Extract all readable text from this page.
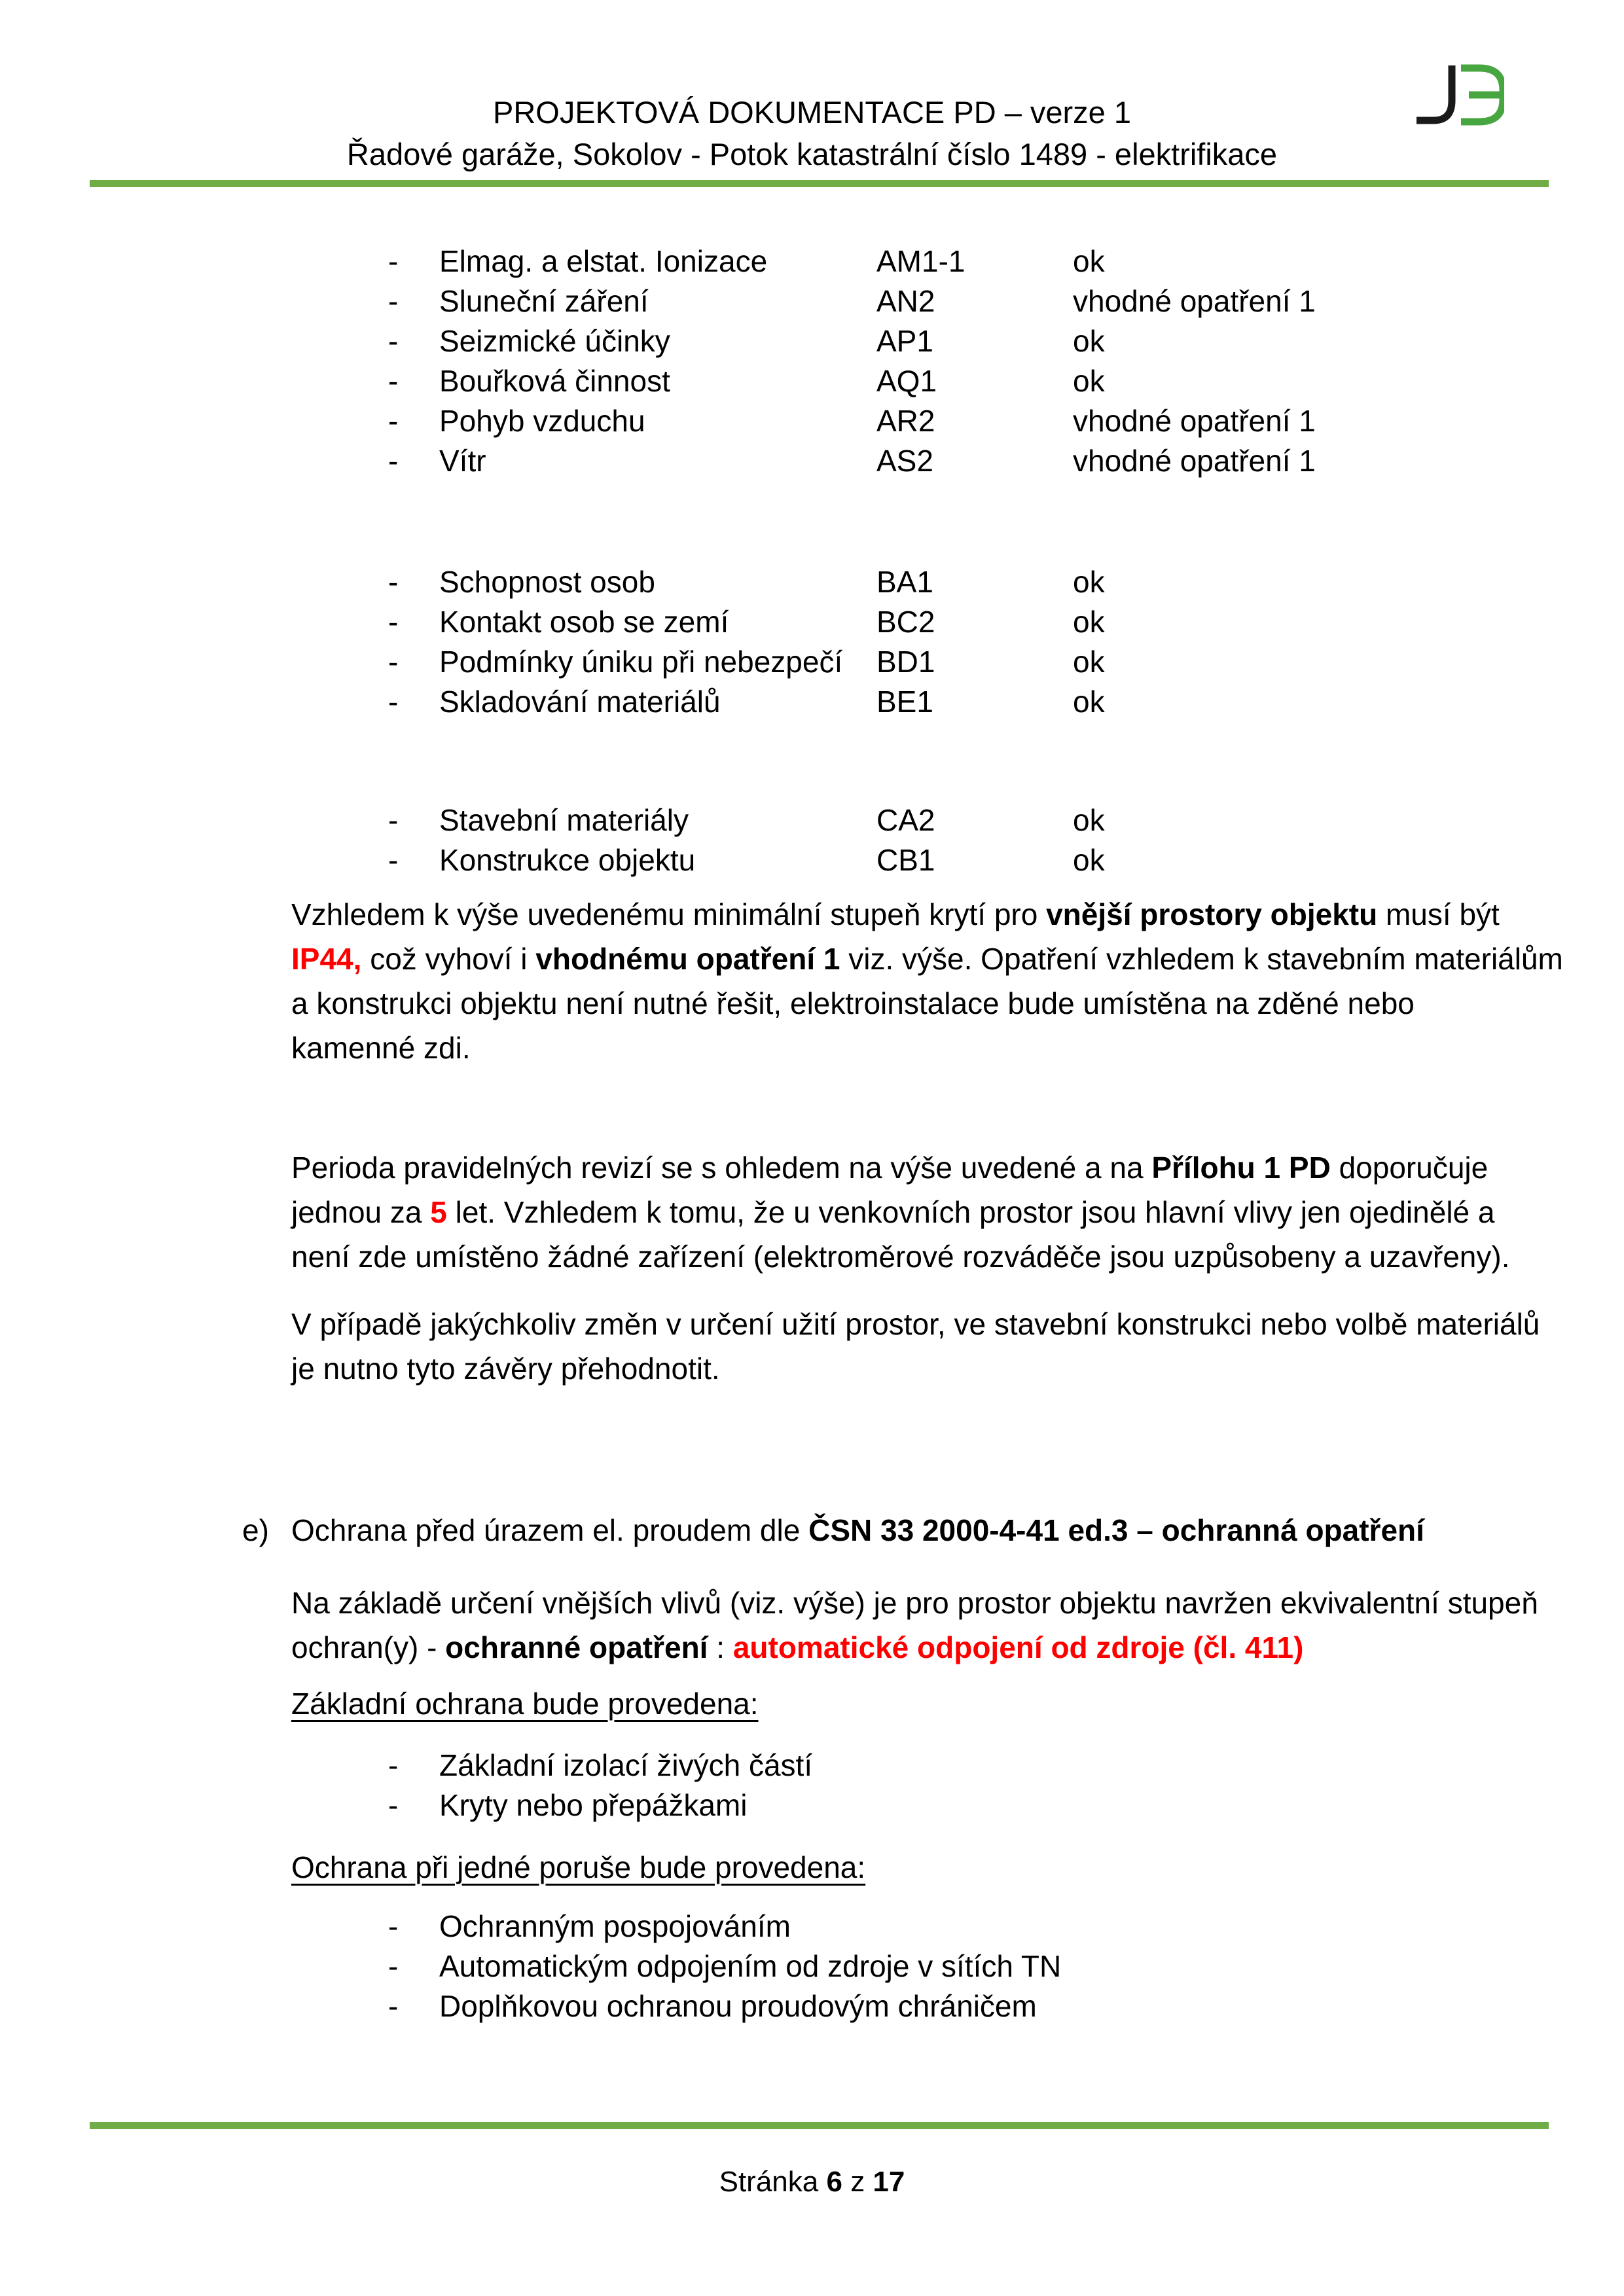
PROJEKTOVÁ DOKUMENTACE PD – verze 1
Řadové garáže, Sokolov - Potok katastrální číslo 1489 - elektrifikace
-	Elmag. a elstat. Ionizace	AM1-1	ok
-	Sluneční záření	AN2	vhodné opatření 1
-	Seizmické účinky	AP1	ok
-	Bouřková činnost	AQ1	ok
-	Pohyb vzduchu	AR2	vhodné opatření 1
-	Vítr	AS2	vhodné opatření 1
-	Schopnost osob	BA1	ok
-	Kontakt osob se zemí	BC2	ok
-	Podmínky úniku při nebezpečí	BD1	ok
-	Skladování materiálů	BE1	ok
-	Stavební materiály	CA2	ok
-	Konstrukce objektu	CB1	ok

Vzhledem k výše uvedenému minimální stupeň krytí pro vnější prostory objektu musí být
IP44, což vyhoví i vhodnému opatření 1 viz. výše. Opatření vzhledem k stavebním materiálům
a konstrukci objektu není nutné řešit, elektroinstalace bude umístěna na zděné nebo
kamenné zdi.

Perioda pravidelných revizí se s ohledem na výše uvedené a na Přílohu 1 PD doporučuje
jednou za 5 let. Vzhledem k tomu, že u venkovních prostor jsou hlavní vlivy jen ojedinělé a
není zde umístěno žádné zařízení (elektroměrové rozváděče jsou uzpůsobeny a uzavřeny).

V případě jakýchkoliv změn v určení užití prostor, ve stavební konstrukci nebo volbě materiálů
je nutno tyto závěry přehodnotit.

e) Ochrana před úrazem el. proudem dle ČSN 33 2000-4-41 ed.3 – ochranná opatření

Na základě určení vnějších vlivů (viz. výše) je pro prostor objektu navržen ekvivalentní stupeň
ochran(y) - ochranné opatření : automatické odpojení od zdroje (čl. 411)

Základní ochrana bude provedena:
-	Základní izolací živých částí
-	Kryty nebo přepážkami
Ochrana při jedné poruše bude provedena:
-	Ochranným pospojováním
-	Automatickým odpojením od zdroje v sítích TN
-	Doplňkovou ochranou proudovým chráničem
Stránka 6 z 17
